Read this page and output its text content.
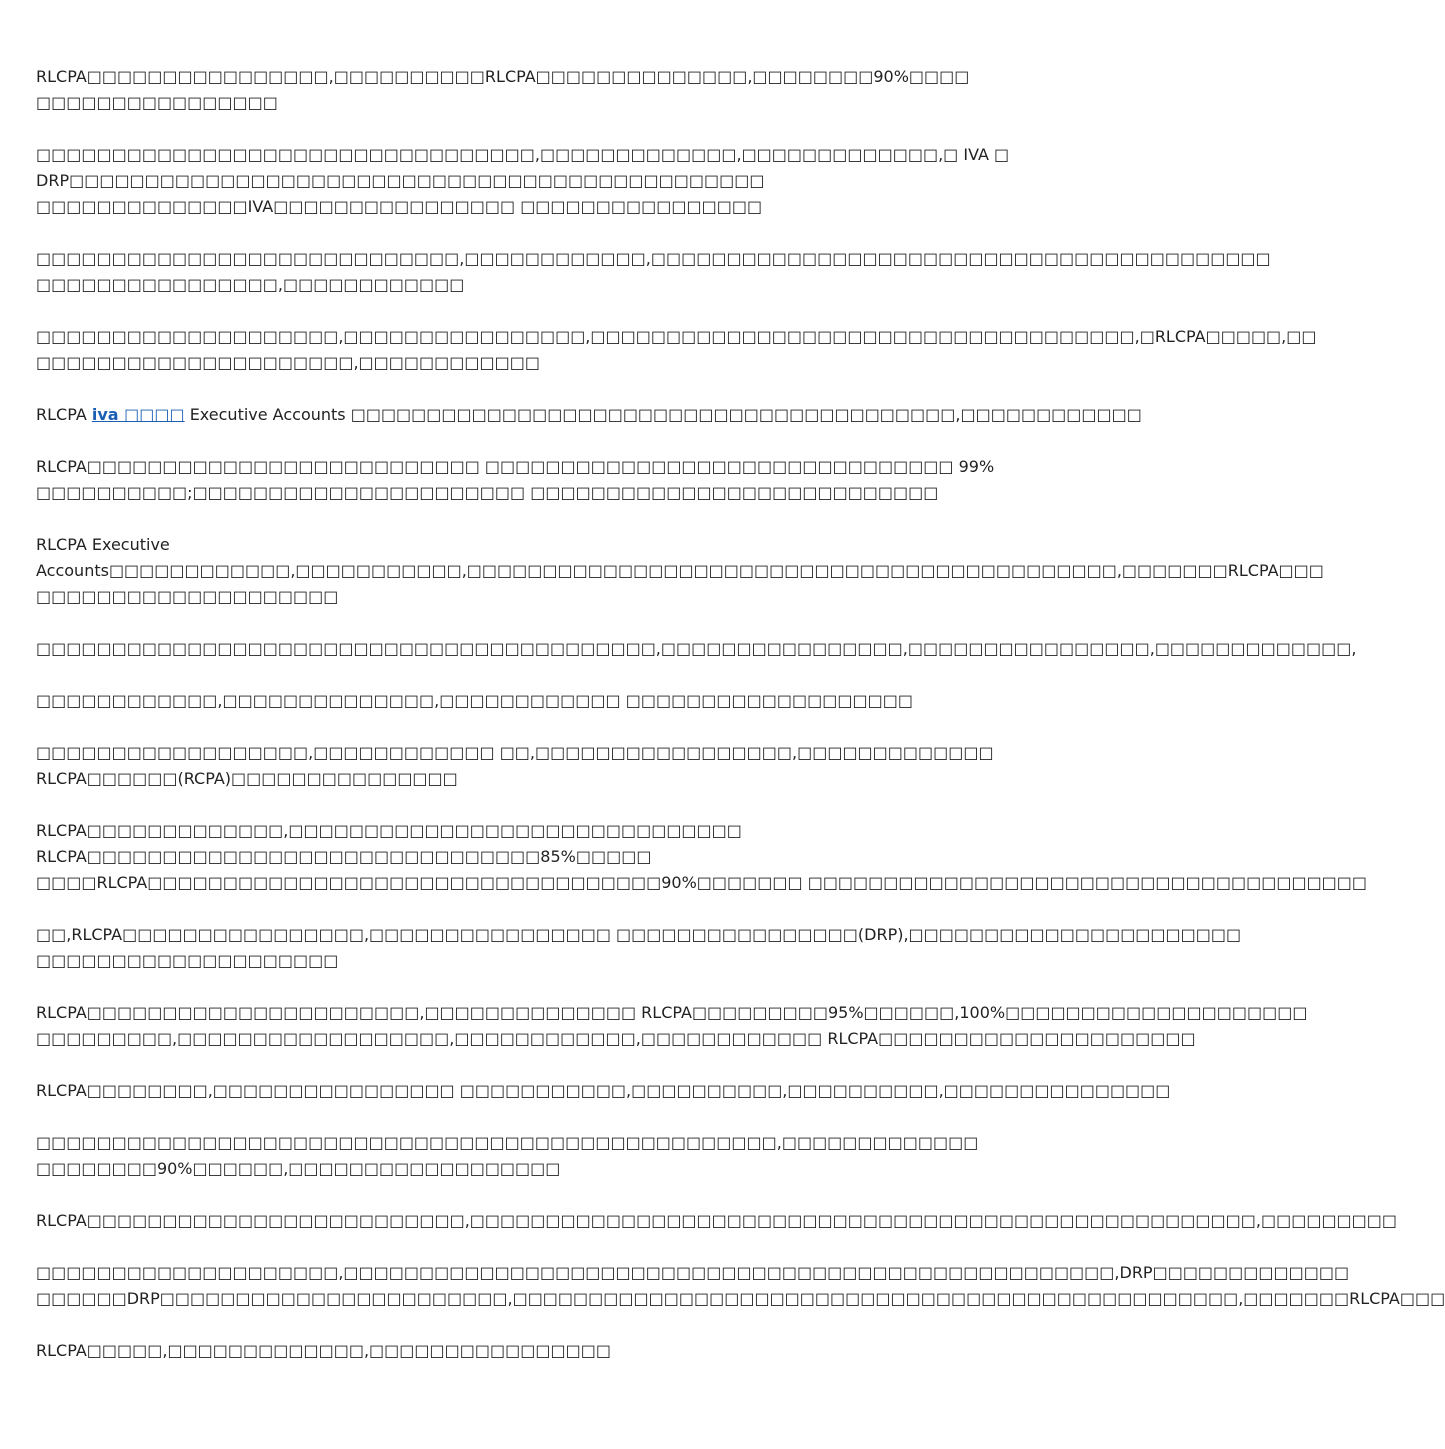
RLCPA□□□□□□□□□□□□□□□□,□□□□□□□□□□RLCPA□□□□□□□□□□□□□□,□□□□□□□□90%□□□□
□□□□□□□□□□□□□□□□

□□□□□□□□□□□□□□□□□□□□□□□□□□□□□□□□□,□□□□□□□□□□□□□,□□□□□□□□□□□□□,□ IVA □
DRP□□□□□□□□□□□□□□□□□□□□□□□□□□□□□□□□□□□□□□□□□□□□□□
□□□□□□□□□□□□□□IVA□□□□□□□□□□□□□□□□ □□□□□□□□□□□□□□□□

□□□□□□□□□□□□□□□□□□□□□□□□□□□□,□□□□□□□□□□□□,□□□□□□□□□□□□□□□□□□□□□□□□□□□□□□□□□□□□□□□□□
□□□□□□□□□□□□□□□□,□□□□□□□□□□□□

□□□□□□□□□□□□□□□□□□□□,□□□□□□□□□□□□□□□□,□□□□□□□□□□□□□□□□□□□□□□□□□□□□□□□□□□□□,□RLCPA□□□□□,□□
□□□□□□□□□□□□□□□□□□□□□,□□□□□□□□□□□□

RLCPA iva □□□□ Executive Accounts □□□□□□□□□□□□□□□□□□□□□□□□□□□□□□□□□□□□□□□□,□□□□□□□□□□□□

RLCPA□□□□□□□□□□□□□□□□□□□□□□□□□□ □□□□□□□□□□□□□□□□□□□□□□□□□□□□□□□ 99%
□□□□□□□□□□;□□□□□□□□□□□□□□□□□□□□□□ □□□□□□□□□□□□□□□□□□□□□□□□□□□

RLCPA Executive
Accounts□□□□□□□□□□□□,□□□□□□□□□□□,□□□□□□□□□□□□□□□□□□□□□□□□□□□□□□□□□□□□□□□□□□□,□□□□□□□RLCPA□□□
□□□□□□□□□□□□□□□□□□□□

□□□□□□□□□□□□□□□□□□□□□□□□□□□□□□□□□□□□□□□□□,□□□□□□□□□□□□□□□□,□□□□□□□□□□□□□□□□,□□□□□□□□□□□□□,

□□□□□□□□□□□□,□□□□□□□□□□□□□□,□□□□□□□□□□□□ □□□□□□□□□□□□□□□□□□□

□□□□□□□□□□□□□□□□□□,□□□□□□□□□□□□ □□,□□□□□□□□□□□□□□□□□,□□□□□□□□□□□□□
RLCPA□□□□□□(RCPA)□□□□□□□□□□□□□□□

RLCPA□□□□□□□□□□□□□,□□□□□□□□□□□□□□□□□□□□□□□□□□□□□□
RLCPA□□□□□□□□□□□□□□□□□□□□□□□□□□□□□□85%□□□□□
□□□□RLCPA□□□□□□□□□□□□□□□□□□□□□□□□□□□□□□□□□□90%□□□□□□□ □□□□□□□□□□□□□□□□□□□□□□□□□□□□□□□□□□□□□

□□,RLCPA□□□□□□□□□□□□□□□□,□□□□□□□□□□□□□□□□ □□□□□□□□□□□□□□□□(DRP),□□□□□□□□□□□□□□□□□□□□□□
□□□□□□□□□□□□□□□□□□□□

RLCPA□□□□□□□□□□□□□□□□□□□□□□,□□□□□□□□□□□□□□ RLCPA□□□□□□□□□95%□□□□□□,100%□□□□□□□□□□□□□□□□□□□□
□□□□□□□□□,□□□□□□□□□□□□□□□□□□,□□□□□□□□□□□□,□□□□□□□□□□□□ RLCPA□□□□□□□□□□□□□□□□□□□□□

RLCPA□□□□□□□□,□□□□□□□□□□□□□□□□ □□□□□□□□□□□,□□□□□□□□□□,□□□□□□□□□□,□□□□□□□□□□□□□□□

□□□□□□□□□□□□□□□□□□□□□□□□□□□□□□□□□□□□□□□□□□□□□□□□□,□□□□□□□□□□□□□
□□□□□□□□90%□□□□□□,□□□□□□□□□□□□□□□□□□

RLCPA□□□□□□□□□□□□□□□□□□□□□□□□□,□□□□□□□□□□□□□□□□□□□□□□□□□□□□□□□□□□□□□□□□□□□□□□□□□□□□,□□□□□□□□□

□□□□□□□□□□□□□□□□□□□□,□□□□□□□□□□□□□□□□□□□□□□□□□□□□□□□□□□□□□□□□□□□□□□□□□□□,DRP□□□□□□□□□□□□□
□□□□□□DRP□□□□□□□□□□□□□□□□□□□□□□□,□□□□□□□□□□□□□□□□□□□□□□□□□□□□□□□□□□□□□□□□□□□□□□□□,□□□□□□□RLCPA□□□

RLCPA□□□□□,□□□□□□□□□□□□□,□□□□□□□□□□□□□□□□
